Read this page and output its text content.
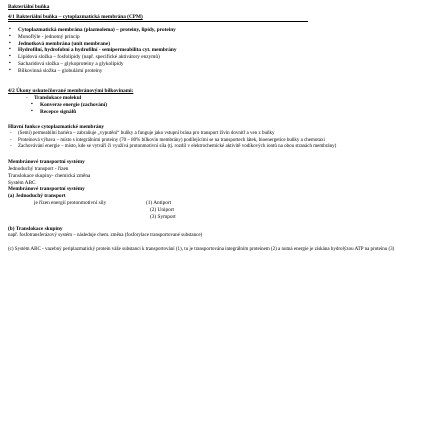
Bakteriální buňka
4/1 Bakteriální buňka – cytoplazmatická membrána (CPM)
▪ Cytoplazmatická membrána (plazmolema) – proteiny, lipidy, proteiny
▪ Monoflýle - jednotný princip
▪ Jednotková membrána (unit membrane)
▪ Hydrofilní, hydrofobní a hydrofilní - semipermeabilita cyt. membrány
▪ Lipidová složka – fosfolipidy (např. specifické aktivátory enzymů)
▪ Sacharidová složka – glykoproteiny a glykolipidy
▪ Bílkovinná složka – globulární proteiny
4/2 Úkony uskutečňované membránovými bílkovinami:
- Translokace molekul
▪ Konverze energie (zachování)
▪ Recepce signálů
Hlavní funkce cytoplazmatické membrány
- (Semi) permeabilní bariéra – zabraňuje „vyputění“ buňky a funguje jako vstupní brána pro transport živin dovnitř a ven z buňky
- Proteinová výbava – místo s integrálními proteiny (70 – 80% bílkovin membrány) podílejícími se na transportech látek, bioenergetice buňky a chemotaxi
- Zachovávání energie – místo, kde se vytváří či využívá protonmotivní síla (tj. rozdíl v elektrochemické aktivitě vodíkových iontů na obou stranách membrány)
Membránové transportní systémy
Jednoduchý transport - řízen
Translokace skupiny- chemická změna
Systém ABC
Membránové transportní systémy
(a) Jednoduchý transport
je řízen energií protonmotivní síly	(1) Antiport
(2) Uniport
(3) Symport
(b) Translokace skupiny
např. fosfotransferázový systém – následuje chem. změna (fosforylace transportované substance)
(c) Systém ABC - vazebný periplazmatický protein váže substanci k transportování (1), tu je transportována integrálním proteinem (2) a nutná energie je získána hydrolýzou ATP na proteinu (3)
